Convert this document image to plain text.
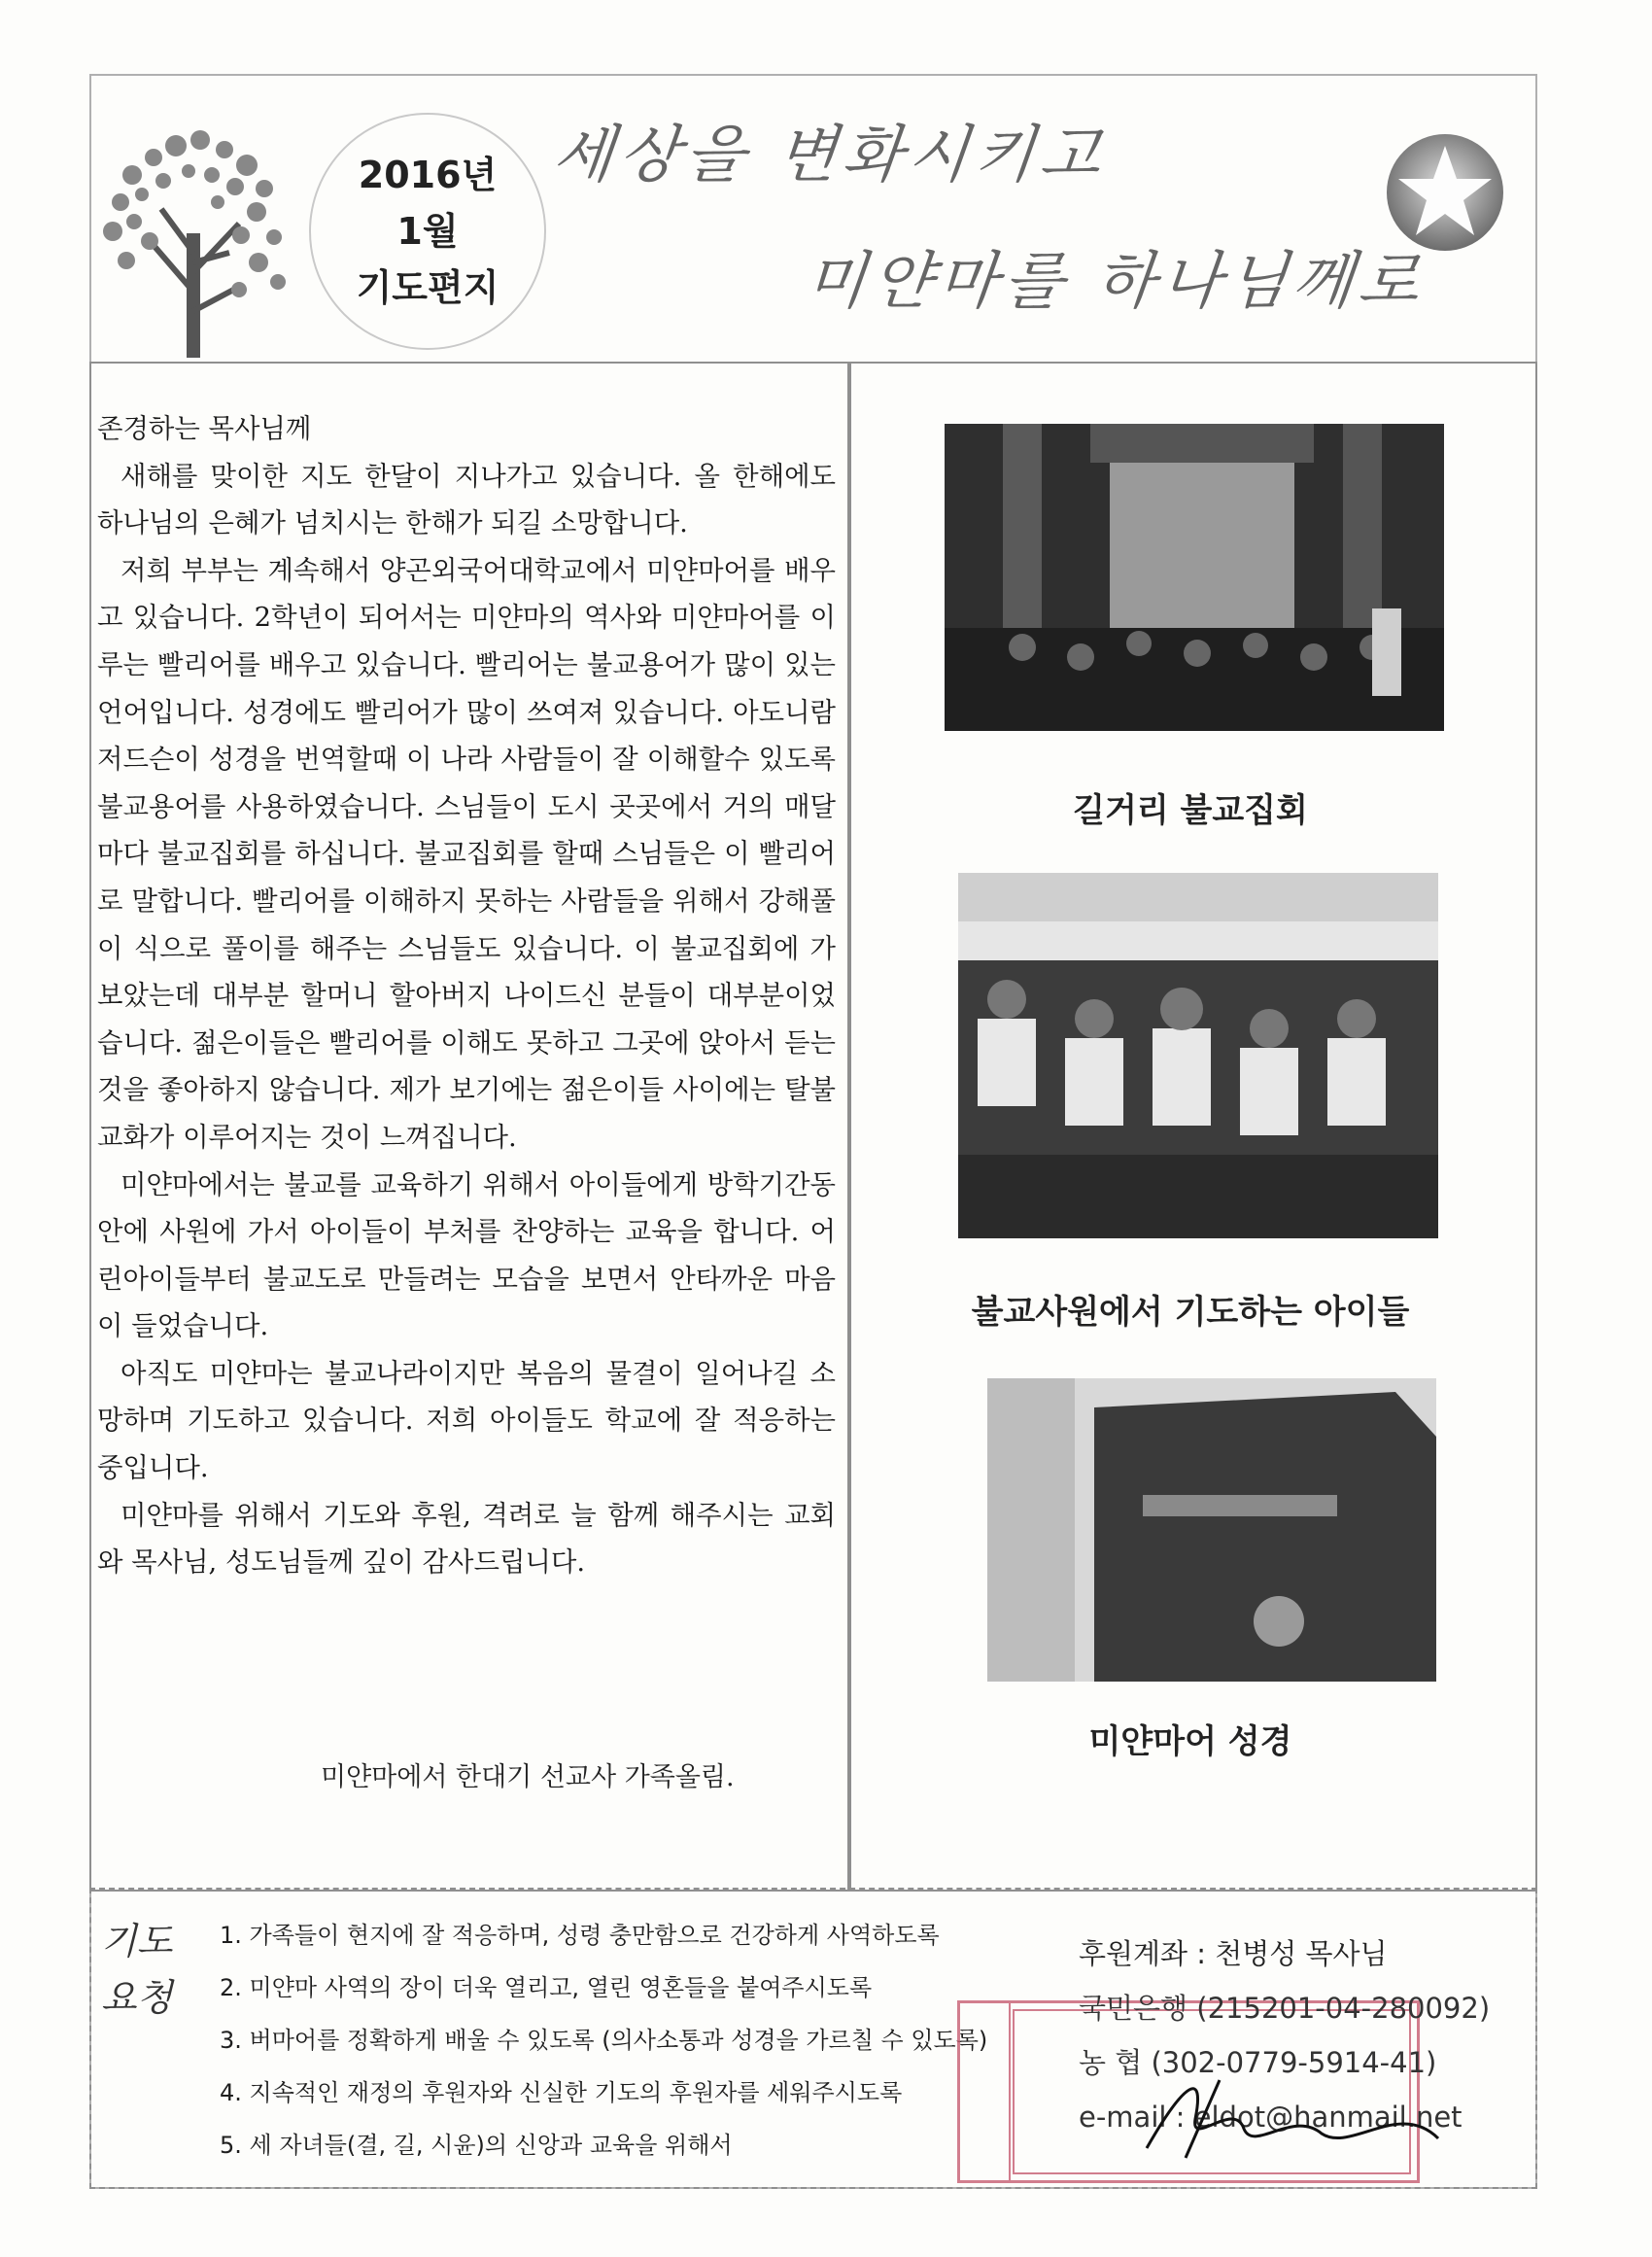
2016년
1월
기도편지
세상을 변화시키고
미얀마를 하나님께로

존경하는 목사님께

새해를 맞이한 지도 한달이 지나가고 있습니다. 올 한해에도 하나님의 은혜가 넘치시는 한해가 되길 소망합니다.

저희 부부는 계속해서 양곤외국어대학교에서 미얀마어를 배우고 있습니다. 2학년이 되어서는 미얀마의 역사와 미얀마어를 이루는 빨리어를 배우고 있습니다. 빨리어는 불교용어가 많이 있는 언어입니다. 성경에도 빨리어가 많이 쓰여져 있습니다. 아도니람 저드슨이 성경을 번역할때 이 나라 사람들이 잘 이해할수 있도록 불교용어를 사용하였습니다. 스님들이 도시 곳곳에서 거의 매달마다 불교집회를 하십니다. 불교집회를 할때 스님들은 이 빨리어로 말합니다. 빨리어를 이해하지 못하는 사람들을 위해서 강해풀이 식으로 풀이를 해주는 스님들도 있습니다. 이 불교집회에 가보았는데 대부분 할머니 할아버지 나이드신 분들이 대부분이었습니다. 젊은이들은 빨리어를 이해도 못하고 그곳에 앉아서 듣는 것을 좋아하지 않습니다. 제가 보기에는 젊은이들 사이에는 탈불교화가 이루어지는 것이 느껴집니다.

미얀마에서는 불교를 교육하기 위해서 아이들에게 방학기간동안에 사원에 가서 아이들이 부처를 찬양하는 교육을 합니다. 어린아이들부터 불교도로 만들려는 모습을 보면서 안타까운 마음이 들었습니다.

아직도 미얀마는 불교나라이지만 복음의 물결이 일어나길 소망하며 기도하고 있습니다. 저희 아이들도 학교에 잘 적응하는 중입니다.

미얀마를 위해서 기도와 후원, 격려로 늘 함께 해주시는 교회와 목사님, 성도님들께 깊이 감사드립니다.

미얀마에서 한대기 선교사 가족올림.
길거리 불교집회
불교사원에서 기도하는 아이들
미얀마어 성경
기도
요청
1. 가족들이 현지에 잘 적응하며, 성령 충만함으로 건강하게 사역하도록
2. 미얀마 사역의 장이 더욱 열리고, 열린 영혼들을 붙여주시도록
3. 버마어를 정확하게 배울 수 있도록 (의사소통과 성경을 가르칠 수 있도록)
4. 지속적인 재정의 후원자와 신실한 기도의 후원자를 세워주시도록
5. 세 자녀들(결, 길, 시윤)의 신앙과 교육을 위해서
후원계좌 : 천병성 목사님
국민은행 (215201-04-280092)
농 협 (302-0779-5914-41)
e-mail : eldot@hanmail.net
